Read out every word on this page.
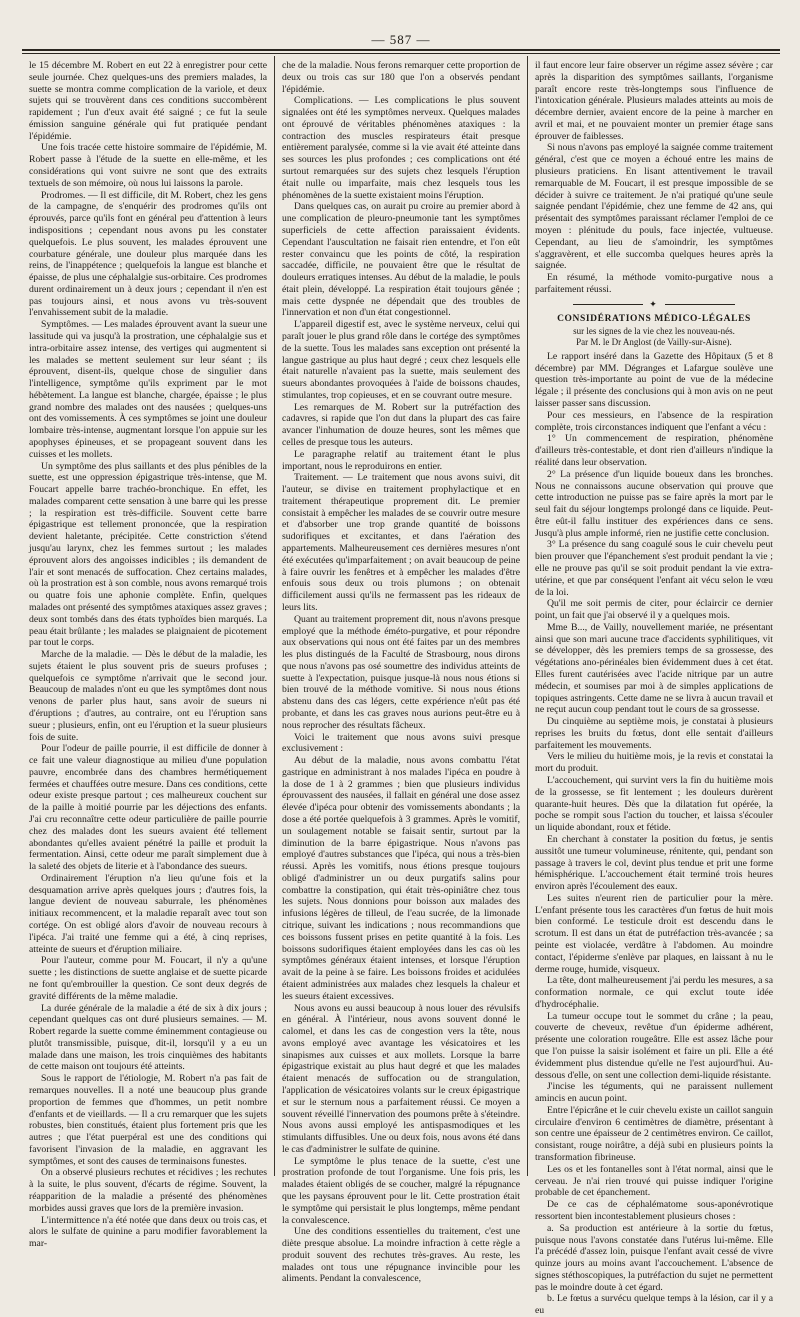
— 587 —

le 15 décembre M. Robert en eut 22 à enregistrer pour cette seule journée. Chez quelques-uns des premiers malades, la suette se montra comme complication de la variole, et deux sujets qui se trouvèrent dans ces conditions succombèrent rapidement ; l'un d'eux avait été saigné ; ce fut la seule émission sanguine générale qui fut pratiquée pendant l'épidémie.

Une fois tracée cette histoire sommaire de l'épidémie, M. Robert passe à l'étude de la suette en elle-même, et les considérations qui vont suivre ne sont que des extraits textuels de son mémoire, où nous lui laissons la parole.

Prodromes. — Il est difficile, dit M. Robert, chez les gens de la campagne, de s'enquérir des prodromes qu'ils ont éprouvés, parce qu'ils font en général peu d'attention à leurs indispositions ; cependant nous avons pu les constater quelquefois. Le plus souvent, les malades éprouvent une courbature générale, une douleur plus marquée dans les reins, de l'inappétence ; quelquefois la langue est blanche et épaisse, de plus une céphalalgie sus-orbitaire. Ces prodromes durent ordinairement un à deux jours ; cependant il n'en est pas toujours ainsi, et nous avons vu très-souvent l'envahissement subit de la maladie.

Symptômes. — Les malades éprouvent avant la sueur une lassitude qui va jusqu'à la prostration, une céphalalgie sus et intra-orbitaire assez intense, des vertiges qui augmentent si les malades se mettent seulement sur leur séant ; ils éprouvent, disent-ils, quelque chose de singulier dans l'intelligence, symptôme qu'ils expriment par le mot hébètement. La langue est blanche, chargée, épaisse ; le plus grand nombre des malades ont des nausées ; quelques-uns ont des vomissements. À ces symptômes se joint une douleur lombaire très-intense, augmentant lorsque l'on appuie sur les apophyses épineuses, et se propageant souvent dans les cuisses et les mollets.

Un symptôme des plus saillants et des plus pénibles de la suette, est une oppression épigastrique très-intense, que M. Foucart appelle barre trachéo-bronchique. En effet, les malades comparent cette sensation à une barre qui les presse ; la respiration est très-difficile. Souvent cette barre épigastrique est tellement prononcée, que la respiration devient haletante, précipitée. Cette constriction s'étend jusqu'au larynx, chez les femmes surtout ; les malades éprouvent alors des angoisses indicibles ; ils demandent de l'air et sont menacés de suffocation. Chez certains malades, où la prostration est à son comble, nous avons remarqué trois ou quatre fois une aphonie complète. Enfin, quelques malades ont présenté des symptômes ataxiques assez graves ; deux sont tombés dans des états typhoïdes bien marqués. La peau était brûlante ; les malades se plaignaient de picotement par tout le corps.

Marche de la maladie. — Dès le début de la maladie, les sujets étaient le plus souvent pris de sueurs profuses ; quelquefois ce symptôme n'arrivait que le second jour. Beaucoup de malades n'ont eu que les symptômes dont nous venons de parler plus haut, sans avoir de sueurs ni d'éruptions ; d'autres, au contraire, ont eu l'éruption sans sueur ; plusieurs, enfin, ont eu l'éruption et la sueur plusieurs fois de suite.

Pour l'odeur de paille pourrie, il est difficile de donner à ce fait une valeur diagnostique au milieu d'une population pauvre, encombrée dans des chambres hermétiquement fermées et chauffées outre mesure. Dans ces conditions, cette odeur existe presque partout ; ces malheureux couchent sur de la paille à moitié pourrie par les déjections des enfants. J'ai cru reconnaître cette odeur particulière de paille pourrie chez des malades dont les sueurs avaient été tellement abondantes qu'elles avaient pénétré la paille et produit la fermentation. Ainsi, cette odeur me paraît simplement due à la saleté des objets de literie et à l'abondance des sueurs.

Ordinairement l'éruption n'a lieu qu'une fois et la desquamation arrive après quelques jours ; d'autres fois, la langue devient de nouveau saburrale, les phénomènes initiaux recommencent, et la maladie reparaît avec tout son cortége. On est obligé alors d'avoir de nouveau recours à l'ipéca. J'ai traité une femme qui a été, à cinq reprises, atteinte de sueurs et d'éruption miliaire.

Pour l'auteur, comme pour M. Foucart, il n'y a qu'une suette ; les distinctions de suette anglaise et de suette picarde ne font qu'embrouiller la question. Ce sont deux degrés de gravité différents de la même maladie.

La durée générale de la maladie a été de six à dix jours ; cependant quelques cas ont duré plusieurs semaines. — M. Robert regarde la suette comme éminemment contagieuse ou plutôt transmissible, puisque, dit-il, lorsqu'il y a eu un malade dans une maison, les trois cinquièmes des habitants de cette maison ont toujours été atteints.

Sous le rapport de l'étiologie, M. Robert n'a pas fait de remarques nouvelles. Il a noté une beaucoup plus grande proportion de femmes que d'hommes, un petit nombre d'enfants et de vieillards. — Il a cru remarquer que les sujets robustes, bien constitués, étaient plus fortement pris que les autres ; que l'état puerpéral est une des conditions qui favorisent l'invasion de la maladie, en aggravant les symptômes, et sont des causes de terminaisons funestes.

On a observé plusieurs rechutes et récidives ; les rechutes à la suite, le plus souvent, d'écarts de régime. Souvent, la réapparition de la maladie a présenté des phénomènes morbides aussi graves que lors de la première invasion.

L'intermittence n'a été notée que dans deux ou trois cas, et alors le sulfate de quinine a paru modifier favorablement la mar-

che de la maladie. Nous ferons remarquer cette proportion de deux ou trois cas sur 180 que l'on a observés pendant l'épidémie.

Complications. — Les complications le plus souvent signalées ont été les symptômes nerveux. Quelques malades ont éprouvé de véritables phénomènes ataxiques : la contraction des muscles respirateurs était presque entièrement paralysée, comme si la vie avait été atteinte dans ses sources les plus profondes ; ces complications ont été surtout remarquées sur des sujets chez lesquels l'éruption était nulle ou imparfaite, mais chez lesquels tous les phénomènes de la suette existaient moins l'éruption.

Dans quelques cas, on aurait pu croire au premier abord à une complication de pleuro-pneumonie tant les symptômes superficiels de cette affection paraissaient évidents. Cependant l'auscultation ne faisait rien entendre, et l'on eût rester convaincu que les points de côté, la respiration saccadée, difficile, ne pouvaient être que le résultat de douleurs erratiques intenses. Au début de la maladie, le pouls était plein, développé. La respiration était toujours gênée ; mais cette dyspnée ne dépendait que des troubles de l'innervation et non d'un état congestionnel.

L'appareil digestif est, avec le système nerveux, celui qui paraît jouer le plus grand rôle dans le cortége des symptômes de la suette. Tous les malades sans exception ont présenté la langue gastrique au plus haut degré ; ceux chez lesquels elle était naturelle n'avaient pas la suette, mais seulement des sueurs abondantes provoquées à l'aide de boissons chaudes, stimulantes, trop copieuses, et en se couvrant outre mesure.

Les remarques de M. Robert sur la putréfaction des cadavres, si rapide que l'on dut dans la plupart des cas faire avancer l'inhumation de douze heures, sont les mêmes que celles de presque tous les auteurs.

Le paragraphe relatif au traitement étant le plus important, nous le reproduirons en entier.

Traitement. — Le traitement que nous avons suivi, dit l'auteur, se divise en traitement prophylactique et en traitement thérapeutique proprement dit. Le premier consistait à empêcher les malades de se couvrir outre mesure et d'absorber une trop grande quantité de boissons sudorifiques et excitantes, et dans l'aération des appartements. Malheureusement ces dernières mesures n'ont été exécutées qu'imparfaitement ; on avait beaucoup de peine à faire ouvrir les fenêtres et à empêcher les malades d'être enfouis sous deux ou trois plumons ; on obtenait difficilement aussi qu'ils ne fermassent pas les rideaux de leurs lits.

Quant au traitement proprement dit, nous n'avons presque employé que la méthode éméto-purgative, et pour répondre aux observations qui nous ont été faites par un des membres les plus distingués de la Faculté de Strasbourg, nous dirons que nous n'avons pas osé soumettre des individus atteints de suette à l'expectation, puisque jusque-là nous nous étions si bien trouvé de la méthode vomitive. Si nous nous étions abstenu dans des cas légers, cette expérience n'eût pas été probante, et dans les cas graves nous aurions peut-être eu à nous reprocher des résultats fâcheux.

Voici le traitement que nous avons suivi presque exclusivement :

Au début de la maladie, nous avons combattu l'état gastrique en administrant à nos malades l'ipéca en poudre à la dose de 1 à 2 grammes ; bien que plusieurs individus éprouvassent des nausées, il fallait en général une dose assez élevée d'ipéca pour obtenir des vomissements abondants ; la dose a été portée quelquefois à 3 grammes. Après le vomitif, un soulagement notable se faisait sentir, surtout par la diminution de la barre épigastrique. Nous n'avons pas employé d'autres substances que l'ipéca, qui nous a très-bien réussi. Après les vomitifs, nous étions presque toujours obligé d'administrer un ou deux purgatifs salins pour combattre la constipation, qui était très-opiniâtre chez tous les sujets. Nous donnions pour boisson aux malades des infusions légères de tilleul, de l'eau sucrée, de la limonade citrique, suivant les indications ; nous recommandions que ces boissons fussent prises en petite quantité à la fois. Les boissons sudorifiques étaient employées dans les cas où les symptômes généraux étaient intenses, et lorsque l'éruption avait de la peine à se faire. Les boissons froides et acidulées étaient administrées aux malades chez lesquels la chaleur et les sueurs étaient excessives.

Nous avons eu aussi beaucoup à nous louer des révulsifs en général. À l'intérieur, nous avons souvent donné le calomel, et dans les cas de congestion vers la tête, nous avons employé avec avantage les vésicatoires et les sinapismes aux cuisses et aux mollets. Lorsque la barre épigastrique existait au plus haut degré et que les malades étaient menacés de suffocation ou de strangulation, l'application de vésicatoires volants sur le creux épigastrique et sur le sternum nous a parfaitement réussi. Ce moyen a souvent réveillé l'innervation des poumons prête à s'éteindre. Nous avons aussi employé les antispasmodiques et les stimulants diffusibles. Une ou deux fois, nous avons été dans le cas d'administrer le sulfate de quinine.

Le symptôme le plus tenace de la suette, c'est une prostration profonde de tout l'organisme. Une fois pris, les malades étaient obligés de se coucher, malgré la répugnance que les paysans éprouvent pour le lit. Cette prostration était le symptôme qui persistait le plus longtemps, même pendant la convalescence.

Une des conditions essentielles du traitement, c'est une diète presque absolue. La moindre infraction à cette règle a produit souvent des rechutes très-graves. Au reste, les malades ont tous une répugnance invincible pour les aliments. Pendant la convalescence,

il faut encore leur faire observer un régime assez sévère ; car après la disparition des symptômes saillants, l'organisme paraît encore reste très-longtemps sous l'influence de l'intoxication générale. Plusieurs malades atteints au mois de décembre dernier, avaient encore de la peine à marcher en avril et mai, et ne pouvaient monter un premier étage sans éprouver de faiblesses.

Si nous n'avons pas employé la saignée comme traitement général, c'est que ce moyen a échoué entre les mains de plusieurs praticiens. En lisant attentivement le travail remarquable de M. Foucart, il est presque impossible de se décider à suivre ce traitement. Je n'ai pratiqué qu'une seule saignée pendant l'épidémie, chez une femme de 42 ans, qui présentait des symptômes paraissant réclamer l'emploi de ce moyen : plénitude du pouls, face injectée, vultueuse. Cependant, au lieu de s'amoindrir, les symptômes s'aggravèrent, et elle succomba quelques heures après la saignée.

En résumé, la méthode vomito-purgative nous a parfaitement réussi.

✦

CONSIDÉRATIONS MÉDICO-LÉGALES

sur les signes de la vie chez les nouveau-nés.

Par M. le Dr Anglost (de Vailly-sur-Aisne).

Le rapport inséré dans la Gazette des Hôpitaux (5 et 8 décembre) par MM. Dégranges et Lafargue soulève une question très-importante au point de vue de la médecine légale ; il présente des conclusions qui à mon avis on ne peut laisser passer sans discussion.

Pour ces messieurs, en l'absence de la respiration complète, trois circonstances indiquent que l'enfant a vécu :

1° Un commencement de respiration, phénomène d'ailleurs très-contestable, et dont rien d'ailleurs n'indique la réalité dans leur observation.

2° La présence d'un liquide boueux dans les bronches. Nous ne connaissons aucune observation qui prouve que cette introduction ne puisse pas se faire après la mort par le seul fait du séjour longtemps prolongé dans ce liquide. Peut-être eût-il fallu instituer des expériences dans ce sens. Jusqu'à plus ample informé, rien ne justifie cette conclusion.

3° La présence du sang coagulé sous le cuir chevelu peut bien prouver que l'épanchement s'est produit pendant la vie ; elle ne prouve pas qu'il se soit produit pendant la vie extra-utérine, et que par conséquent l'enfant ait vécu selon le vœu de la loi.

Qu'il me soit permis de citer, pour éclaircir ce dernier point, un fait que j'ai observé il y a quelques mois.

Mme B..., de Vailly, nouvellement mariée, ne présentant ainsi que son mari aucune trace d'accidents syphilitiques, vit se développer, dès les premiers temps de sa grossesse, des végétations ano-périnéales bien évidemment dues à cet état. Elles furent cautérisées avec l'acide nitrique par un autre médecin, et soumises par moi à de simples applications de topiques astringents. Cette dame ne se livra à aucun travail et ne reçut aucun coup pendant tout le cours de sa grossesse.

Du cinquième au septième mois, je constatai à plusieurs reprises les bruits du fœtus, dont elle sentait d'ailleurs parfaitement les mouvements.

Vers le milieu du huitième mois, je la revis et constatai la mort du produit.

L'accouchement, qui survint vers la fin du huitième mois de la grossesse, se fit lentement ; les douleurs durèrent quarante-huit heures. Dès que la dilatation fut opérée, la poche se rompit sous l'action du toucher, et laissa s'écouler un liquide abondant, roux et fétide.

En cherchant à constater la position du fœtus, je sentis aussitôt une tumeur volumineuse, rénitente, qui, pendant son passage à travers le col, devint plus tendue et prit une forme hémisphérique. L'accouchement était terminé trois heures environ après l'écoulement des eaux.

Les suites n'eurent rien de particulier pour la mère. L'enfant présente tous les caractères d'un fœtus de huit mois bien conformé. Le testicule droit est descendu dans le scrotum. Il est dans un état de putréfaction très-avancée ; sa peinte est violacée, verdâtre à l'abdomen. Au moindre contact, l'épiderme s'enlève par plaques, en laissant à nu le derme rouge, humide, visqueux.

La tête, dont malheureusement j'ai perdu les mesures, a sa conformation normale, ce qui exclut toute idée d'hydrocéphalie.

La tumeur occupe tout le sommet du crâne ; la peau, couverte de cheveux, revêtue d'un épiderme adhérent, présente une coloration rougeâtre. Elle est assez lâche pour que l'on puisse la saisir isolément et faire un pli. Elle a été évidemment plus distendue qu'elle ne l'est aujourd'hui. Au-dessous d'elle, on sent une collection demi-liquide résistante.

J'incise les téguments, qui ne paraissent nullement amincis en aucun point.

Entre l'épicrâne et le cuir chevelu existe un caillot sanguin circulaire d'environ 6 centimètres de diamètre, présentant à son centre une épaisseur de 2 centimètres environ. Ce caillot, consistant, rouge noirâtre, a déjà subi en plusieurs points la transformation fibrineuse.

Les os et les fontanelles sont à l'état normal, ainsi que le cerveau. Je n'ai rien trouvé qui puisse indiquer l'origine probable de cet épanchement.

De ce cas de céphalématome sous-aponévrotique ressortent bien incontestablement plusieurs choses :

a. Sa production est antérieure à la sortie du fœtus, puisque nous l'avons constatée dans l'utérus lui-même. Elle l'a précédé d'assez loin, puisque l'enfant avait cessé de vivre quinze jours au moins avant l'accouchement. L'absence de signes stéthoscopiques, la putréfaction du sujet ne permettent pas le moindre doute à cet égard.

b. Le fœtus a survécu quelque temps à la lésion, car il y a eu
